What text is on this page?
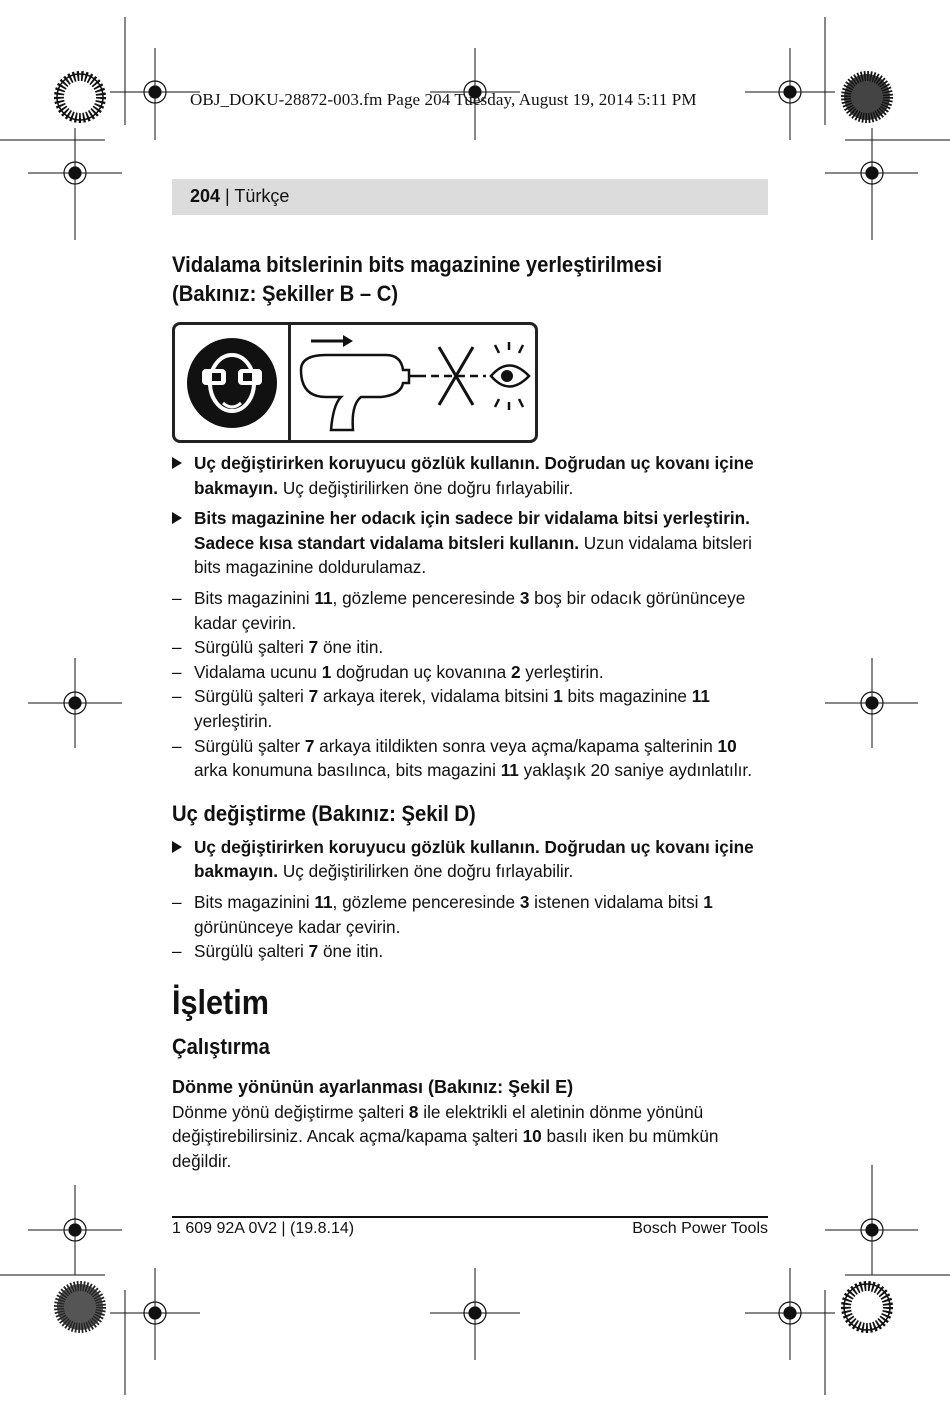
OBJ_DOKU-28872-003.fm Page 204 Tuesday, August 19, 2014 5:11 PM
204 | Türkçe
Vidalama bitslerinin bits magazinine yerleştirilmesi
(Bakınız: Şekiller B – C)
Uç değiştirirken koruyucu gözlük kullanın. Doğrudan uç kovanı içine bakmayın. Uç değiştirilirken öne doğru fırlayabilir.
Bits magazinine her odacık için sadece bir vidalama bitsi yerleştirin. Sadece kısa standart vidalama bitsleri kullanın. Uzun vidalama bitsleri bits magazinine doldurulamaz.
– Bits magazinini 11, gözleme penceresinde 3 boş bir odacık görününceye kadar çevirin.
– Sürgülü şalteri 7 öne itin.
– Vidalama ucunu 1 doğrudan uç kovanına 2 yerleştirin.
– Sürgülü şalteri 7 arkaya iterek, vidalama bitsini 1 bits magazinine 11 yerleştirin.
– Sürgülü şalter 7 arkaya itildikten sonra veya açma/kapama şalterinin 10 arka konumuna basılınca, bits magazini 11 yaklaşık 20 saniye aydınlatılır.
Uç değiştirme (Bakınız: Şekil D)
Uç değiştirirken koruyucu gözlük kullanın. Doğrudan uç kovanı içine bakmayın. Uç değiştirilirken öne doğru fırlayabilir.
– Bits magazinini 11, gözleme penceresinde 3 istenen vidalama bitsi 1 görününceye kadar çevirin.
– Sürgülü şalteri 7 öne itin.
İşletim
Çalıştırma
Dönme yönünün ayarlanması (Bakınız: Şekil E)
Dönme yönü değiştirme şalteri 8 ile elektrikli el aletinin dönme yönünü değiştirebilirsiniz. Ancak açma/kapama şalteri 10 basılı iken bu mümkün değildir.
1 609 92A 0V2 | (19.8.14)	Bosch Power Tools
